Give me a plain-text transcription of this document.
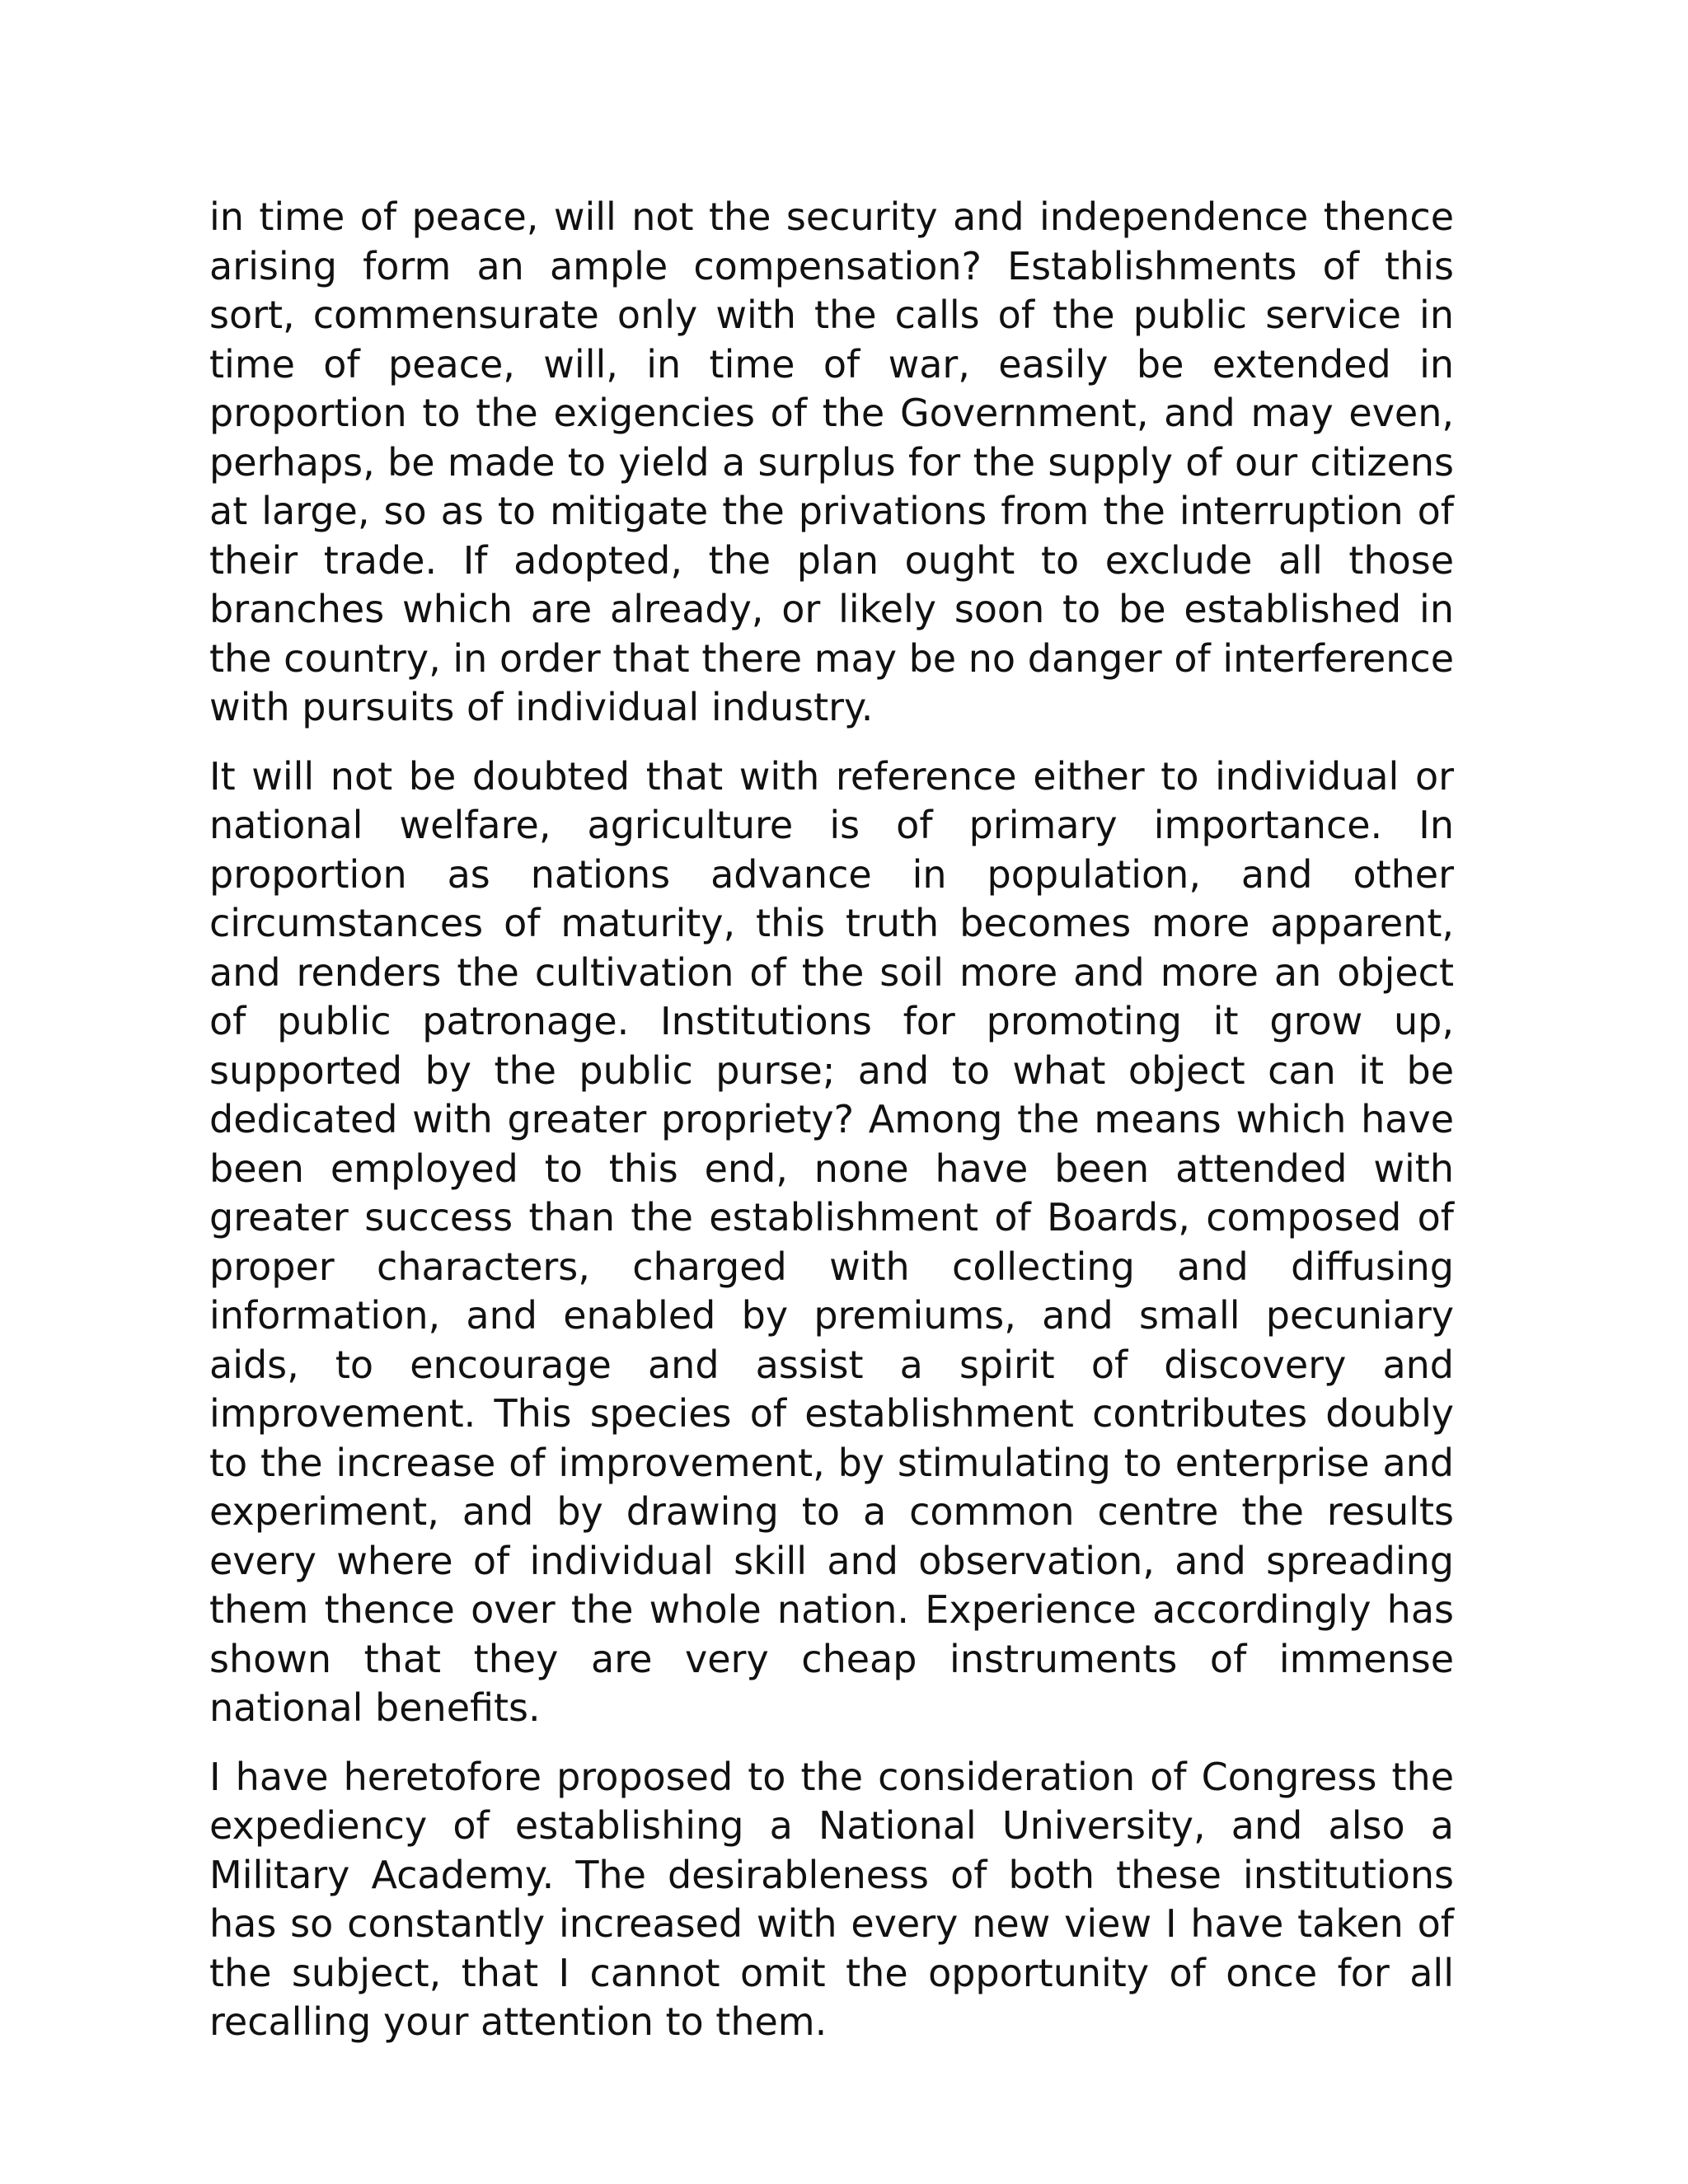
in time of peace, will not the security and independence thence arising form an ample compensation? Establishments of this sort, commensurate only with the calls of the public service in time of peace, will, in time of war, easily be extended in proportion to the exigencies of the Government, and may even, perhaps, be made to yield a surplus for the supply of our citizens at large, so as to mitigate the privations from the interruption of their trade. If adopted, the plan ought to exclude all those branches which are already, or likely soon to be established in the country, in order that there may be no danger of interference with pursuits of individual industry.

It will not be doubted that with reference either to individual or national welfare, agriculture is of primary importance. In proportion as nations advance in population, and other circumstances of maturity, this truth becomes more apparent, and renders the cultivation of the soil more and more an object of public patronage. Institutions for promoting it grow up, supported by the public purse; and to what object can it be dedicated with greater propriety? Among the means which have been employed to this end, none have been attended with greater success than the establishment of Boards, composed of proper characters, charged with collecting and diffusing information, and enabled by premiums, and small pecuniary aids, to encourage and assist a spirit of discovery and improvement. This species of establishment contributes doubly to the increase of improvement, by stimulating to enterprise and experiment, and by drawing to a common centre the results every where of individual skill and observation, and spreading them thence over the whole nation. Experience accordingly has shown that they are very cheap instruments of immense national benefits.

I have heretofore proposed to the consideration of Congress the expediency of establishing a National University, and also a Military Academy. The desirableness of both these institutions has so constantly increased with every new view I have taken of the subject, that I cannot omit the opportunity of once for all recalling your attention to them.
